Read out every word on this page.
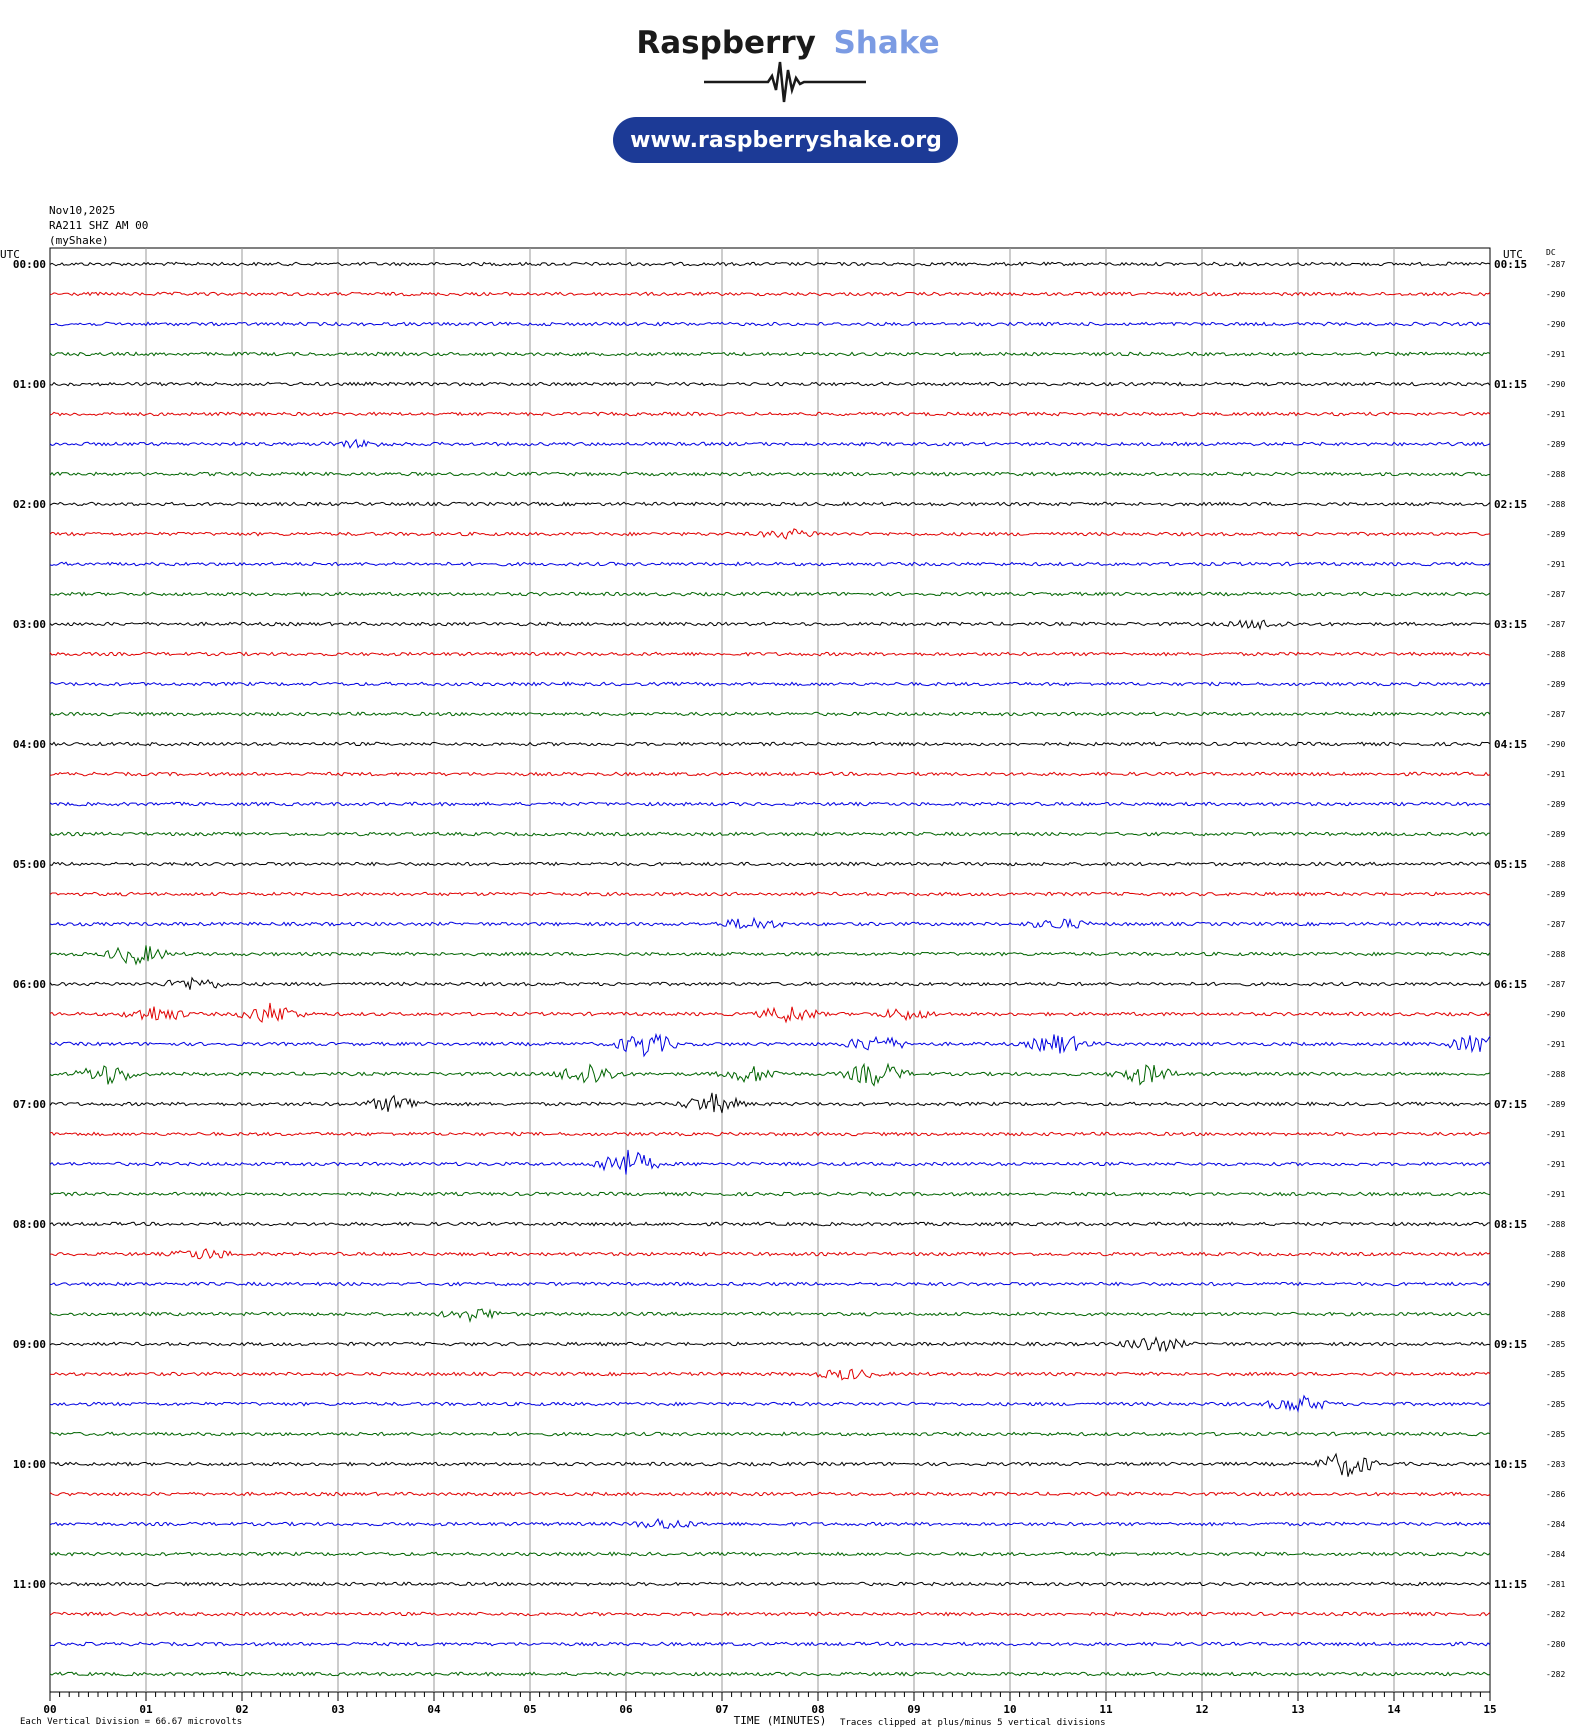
Raspberry Shake
www.raspberryshake.org
Nov10,2025
RA211 SHZ AM 00
(myShake)
00	01	02	03	04	05	06	07	08	09	10	11	12	13	14	15
TIME (MINUTES)
Each Vertical Division = 66.67 microvolts	Traces clipped at plus/minus 5 vertical divisions
UTC	UTC	DC
-287
00:00	00:15
-290
-290
-291
-290
01:00	01:15
-291
-289
-288
-288
02:00	02:15
-289
-291
-287
-287
03:00	03:15
-288
-289
-287
-290
04:00	04:15
-291
-289
-289
-288
05:00	05:15
-289
-287
-288
-287
06:00	06:15
-290
-291
-288
-289
07:00	07:15
-291
-291
-291
-288
08:00	08:15
-288
-290
-288
-285
09:00	09:15
-285
-285
-285
-283
10:00	10:15
-286
-284
-284
-281
11:00	11:15
-282
-280
-282
